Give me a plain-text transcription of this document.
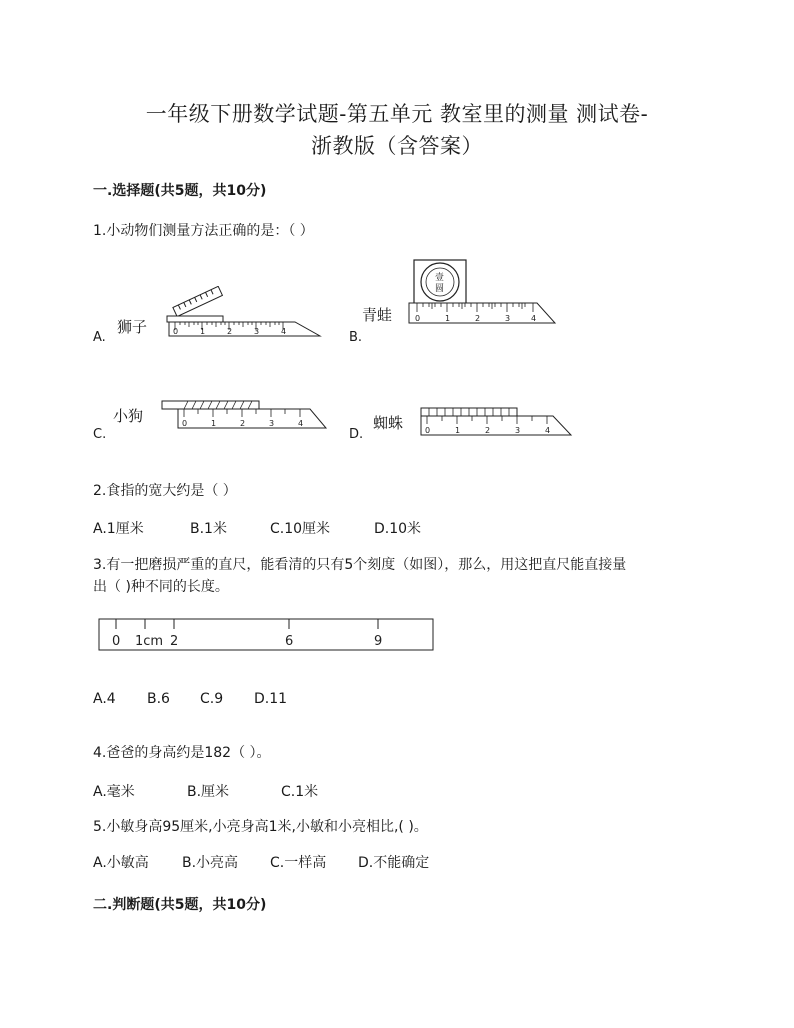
一年级下册数学试题-第五单元 教室里的测量 测试卷-
浙教版（含答案）
一.选择题(共5题，共10分)
1.小动物们测量方法正确的是：（ ）
A.
狮子	0	1	2	3	4	B.
青蛙
壹
圆
0	1	2	3	4
C.
小狗	0	1	2	3	4
D.
蜘蛛	0	1	2	3	4
2.食指的宽大约是（ ）
A.1厘米	B.1米	C.10厘米	D.10米
3.有一把磨损严重的直尺，能看清的只有5个刻度（如图），那么，用这把直尺能直接量
出（ )种不同的长度。
0 1cm 2	6	9
A.4 B.6 C.9 D.11
4.爸爸的身高约是182（ ）。
A.毫米	B.厘米	C.1米
5.小敏身高95厘米,小亮身高1米,小敏和小亮相比,( )。
A.小敏高 B.小亮高 C.一样高 D.不能确定
二.判断题(共5题，共10分)
